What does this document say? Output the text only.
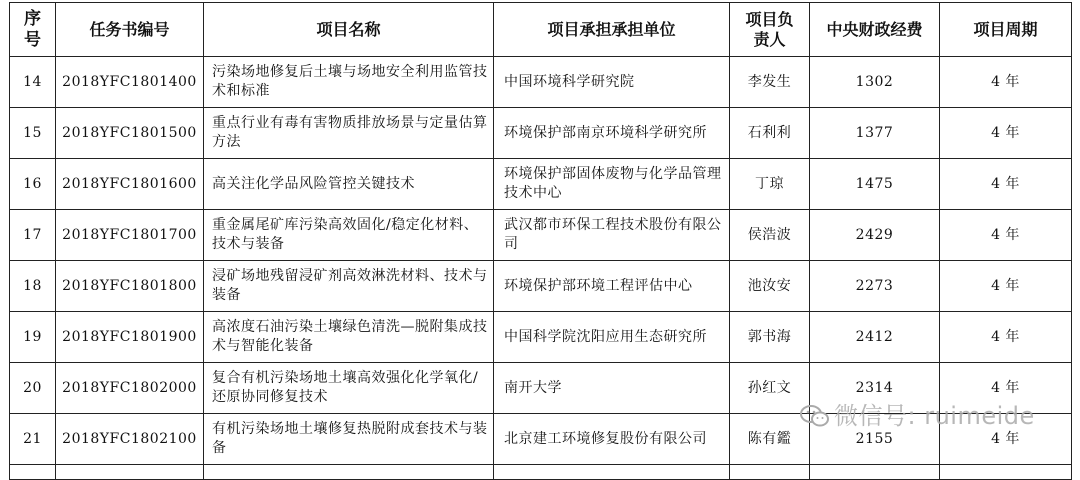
序号	任务书编号	项目名称	项目承担承担单位	项目负责人	中央财政经费	项目周期
14	2018YFC1801400	污染场地修复后土壤与场地安全利用监管技术和标准	中国环境科学研究院	李发生	1302	4 年
15	2018YFC1801500	重点行业有毒有害物质排放场景与定量估算方法	环境保护部南京环境科学研究所	石利利	1377	4 年
16	2018YFC1801600	高关注化学品风险管控关键技术	环境保护部固体废物与化学品管理技术中心	丁琼	1475	4 年
17	2018YFC1801700	重金属尾矿库污染高效固化/稳定化材料、技术与装备	武汉都市环保工程技术股份有限公司	侯浩波	2429	4 年
18	2018YFC1801800	浸矿场地残留浸矿剂高效淋洗材料、技术与装备	环境保护部环境工程评估中心	池汝安	2273	4 年
19	2018YFC1801900	高浓度石油污染土壤绿色清洗—脱附集成技术与智能化装备	中国科学院沈阳应用生态研究所	郭书海	2412	4 年
20	2018YFC1802000	复合有机污染场地土壤高效强化化学氧化/还原协同修复技术	南开大学	孙红文	2314	4 年
21	2018YFC1802100	有机污染场地土壤修复热脱附成套技术与装备	北京建工环境修复股份有限公司	陈有鑑	2155	4 年

微信号: ruimeide
